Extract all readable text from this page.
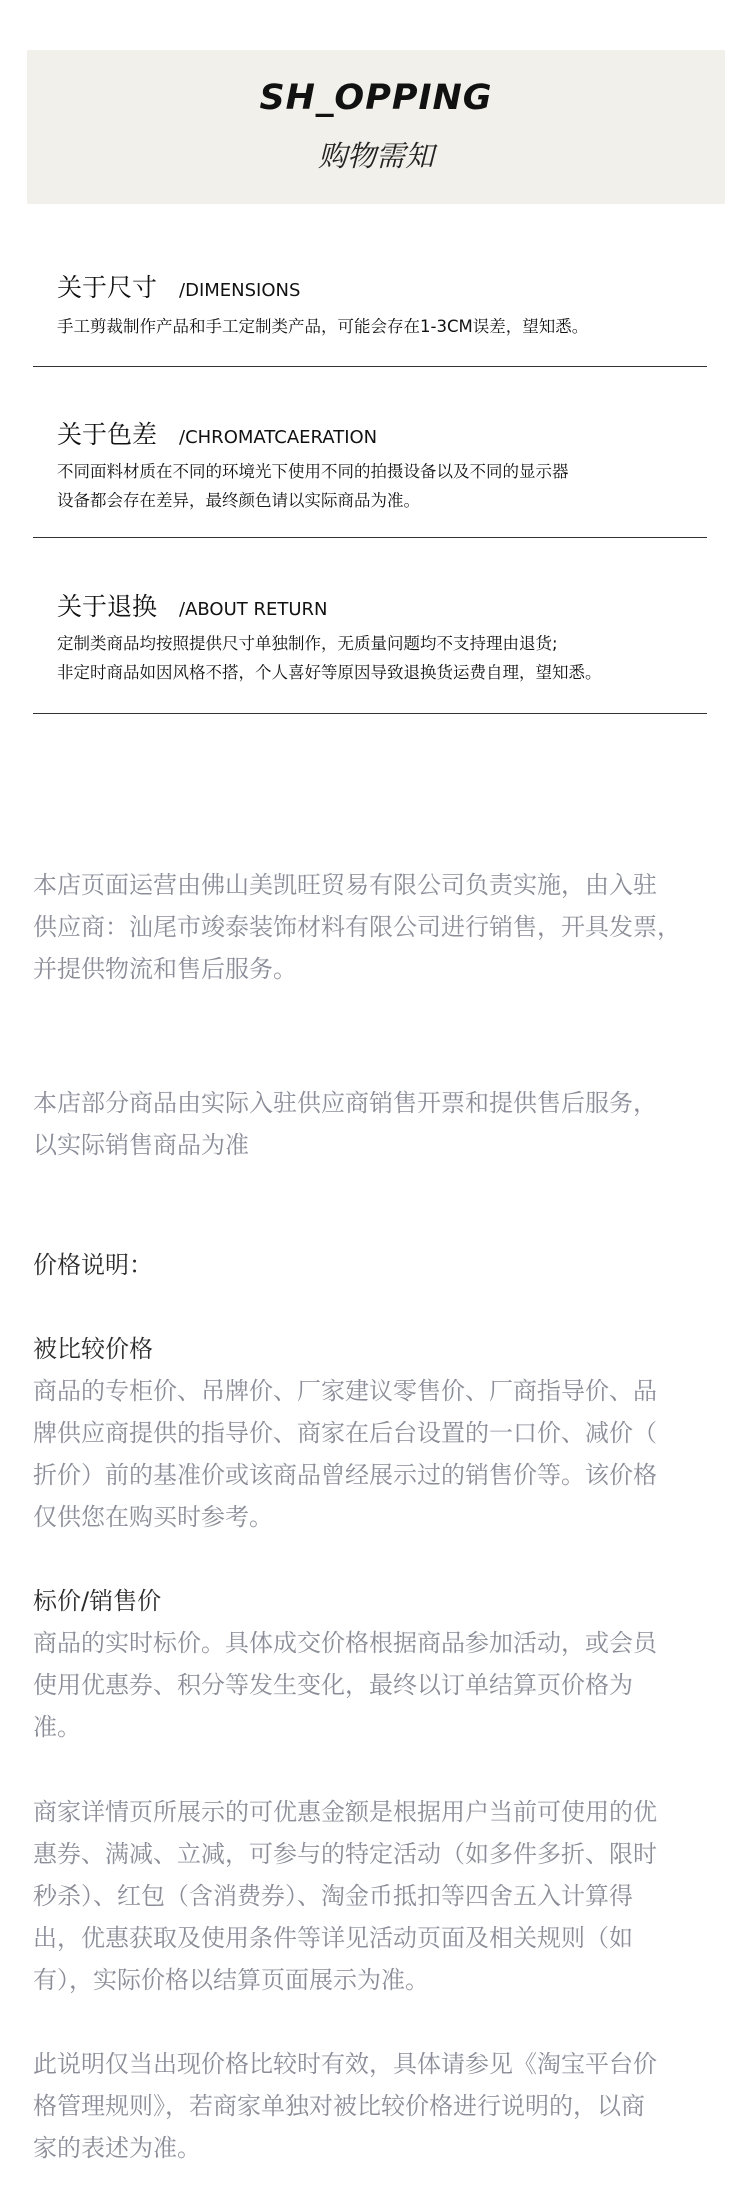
SH_OPPING
购物需知
关于尺寸 /DIMENSIONS
手工剪裁制作产品和手工定制类产品，可能会存在1-3CM误差，望知悉。
关于色差 /CHROMATCAERATION
不同面料材质在不同的环境光下使用不同的拍摄设备以及不同的显示器
设备都会存在差异，最终颜色请以实际商品为准。
关于退换 /ABOUT RETURN
定制类商品均按照提供尺寸单独制作，无质量问题均不支持理由退货;
非定时商品如因风格不搭，个人喜好等原因导致退换货运费自理，望知悉。
本店页面运营由佛山美凯旺贸易有限公司负责实施，由入驻
供应商：汕尾市竣泰装饰材料有限公司进行销售，开具发票，
并提供物流和售后服务。
本店部分商品由实际入驻供应商销售开票和提供售后服务，
以实际销售商品为准
价格说明：
被比较价格
商品的专柜价、吊牌价、厂家建议零售价、厂商指导价、品
牌供应商提供的指导价、商家在后台设置的一口价、减价（
折价）前的基准价或该商品曾经展示过的销售价等。该价格
仅供您在购买时参考。
标价/销售价
商品的实时标价。具体成交价格根据商品参加活动，或会员
使用优惠券、积分等发生变化，最终以订单结算页价格为
准。
商家详情页所展示的可优惠金额是根据用户当前可使用的优
惠券、满减、立减，可参与的特定活动（如多件多折、限时
秒杀）、红包（含消费券）、淘金币抵扣等四舍五入计算得
出，优惠获取及使用条件等详见活动页面及相关规则（如
有），实际价格以结算页面展示为准。
此说明仅当出现价格比较时有效，具体请参见《淘宝平台价
格管理规则》，若商家单独对被比较价格进行说明的，以商
家的表述为准。
